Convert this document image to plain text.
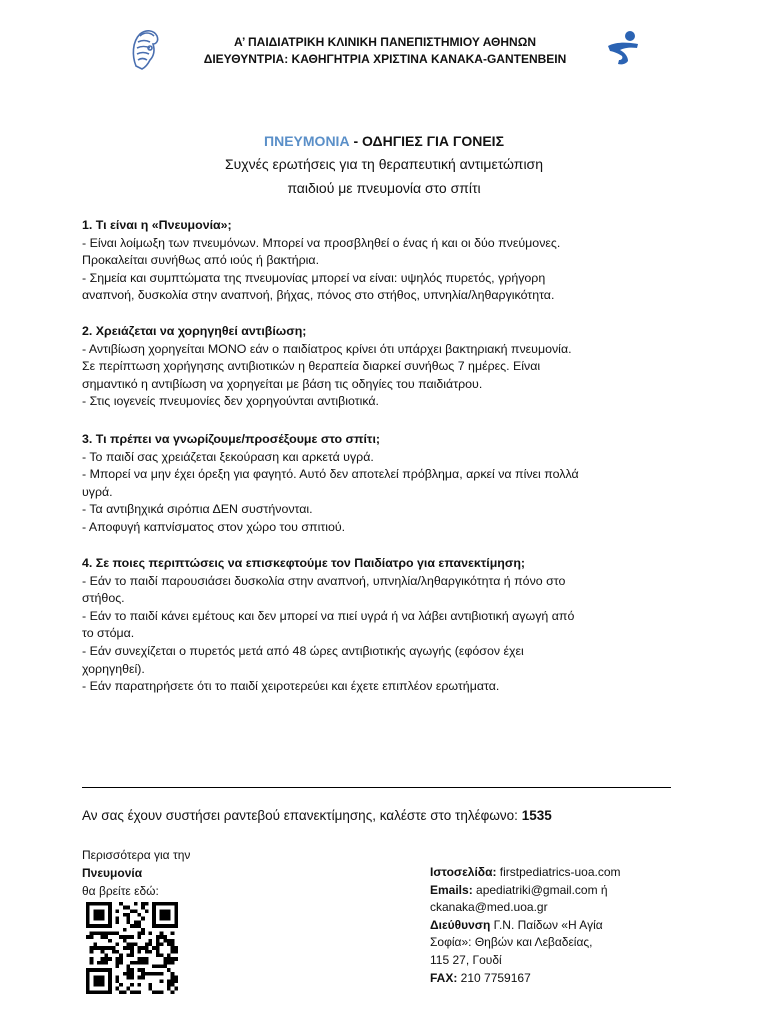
Α’ ΠΑΙΔΙΑΤΡΙΚΗ ΚΛΙΝΙΚΗ ΠΑΝΕΠΙΣΤΗΜΙΟΥ ΑΘΗΝΩΝ
ΔΙΕΥΘΥΝΤΡΙΑ: ΚΑΘΗΓΗΤΡΙΑ ΧΡΙΣΤΙΝΑ ΚΑΝΑΚΑ-GANTENBEIN
ΠΝΕΥΜΟΝΙΑ - ΟΔΗΓΙΕΣ ΓΙΑ ΓΟΝΕΙΣ
Συχνές ερωτήσεις για τη θεραπευτική αντιμετώπιση
παιδιού με πνευμονία στο σπίτι

1. Τι είναι η «Πνευμονία»;

- Είναι λοίμωξη των πνευμόνων. Μπορεί να προσβληθεί ο ένας ή και οι δύο πνεύμονες.

Προκαλείται συνήθως από ιούς ή βακτήρια.

- Σημεία και συμπτώματα της πνευμονίας μπορεί να είναι: υψηλός πυρετός, γρήγορη

αναπνοή, δυσκολία στην αναπνοή, βήχας, πόνος στο στήθος, υπνηλία/ληθαργικότητα.

2. Χρειάζεται να χορηγηθεί αντιβίωση;

- Αντιβίωση χορηγείται ΜΟΝΟ εάν ο παιδίατρος κρίνει ότι υπάρχει βακτηριακή πνευμονία.

Σε περίπτωση χορήγησης αντιβιοτικών η θεραπεία διαρκεί συνήθως 7 ημέρες. Είναι

σημαντικό η αντιβίωση να χορηγείται με βάση τις οδηγίες του παιδιάτρου.

- Στις ιογενείς πνευμονίες δεν χορηγούνται αντιβιοτικά.

3. Τι πρέπει να γνωρίζουμε/προσέξουμε στο σπίτι;

- Το παιδί σας χρειάζεται ξεκούραση και αρκετά υγρά.

- Μπορεί να μην έχει όρεξη για φαγητό. Αυτό δεν αποτελεί πρόβλημα, αρκεί να πίνει πολλά

υγρά.

- Τα αντιβηχικά σιρόπια ΔΕΝ συστήνονται.

- Αποφυγή καπνίσματος στον χώρο του σπιτιού.

4. Σε ποιες περιπτώσεις να επισκεφτούμε τον Παιδίατρο για επανεκτίμηση;

- Εάν το παιδί παρουσιάσει δυσκολία στην αναπνοή, υπνηλία/ληθαργικότητα ή πόνο στο

στήθος.

- Εάν το παιδί κάνει εμέτους και δεν μπορεί να πιεί υγρά ή να λάβει αντιβιοτική αγωγή από

το στόμα.

- Εάν συνεχίζεται ο πυρετός μετά από 48 ώρες αντιβιοτικής αγωγής (εφόσον έχει

χορηγηθεί).

- Εάν παρατηρήσετε ότι το παιδί χειροτερεύει και έχετε επιπλέον ερωτήματα.

Αν σας έχουν συστήσει ραντεβού επανεκτίμησης, καλέστε στο τηλέφωνο: 1535
Περισσότερα για την
Πνευμονία
θα βρείτε εδώ:
Ιστοσελίδα: firstpediatrics-uoa.com
Emails: apediatriki@gmail.com ή
ckanaka@med.uoa.gr
Διεύθυνση Γ.Ν. Παίδων «Η Αγία
Σοφία»: Θηβών και Λεβαδείας,
115 27, Γουδί
FAX: 210 7759167
